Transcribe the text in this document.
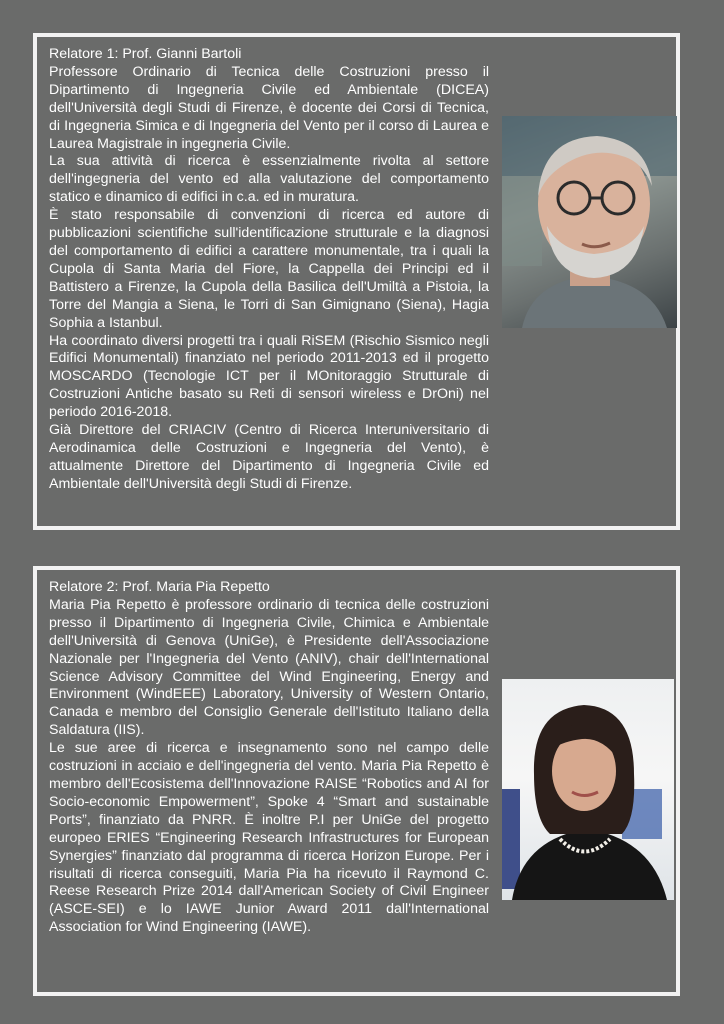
Relatore 1: Prof. Gianni Bartoli

Professore Ordinario di Tecnica delle Costruzioni presso il Dipartimento di Ingegneria Civile ed Ambientale (DICEA) dell'Università degli Studi di Firenze, è docente dei Corsi di Tecnica, di Ingegneria Simica e di Ingegneria del Vento per il corso di Laurea e Laurea Magistrale in ingegneria Civile.

La sua attività di ricerca è essenzialmente rivolta al settore dell'ingegneria del vento ed alla valutazione del comportamento statico e dinamico di edifici in c.a. ed in muratura.

È stato responsabile di convenzioni di ricerca ed autore di pubblicazioni scientifiche sull'identificazione strutturale e la diagnosi del comportamento di edifici a carattere monumentale, tra i quali la Cupola di Santa Maria del Fiore, la Cappella dei Principi ed il Battistero a Firenze, la Cupola della Basilica dell'Umiltà a Pistoia, la Torre del Mangia a Siena, le Torri di San Gimignano (Siena), Hagia Sophia a Istanbul.

Ha coordinato diversi progetti tra i quali RiSEM (Rischio Sismico negli Edifici Monumentali) finanziato nel periodo 2011-2013 ed il progetto MOSCARDO (Tecnologie ICT per il MOnitoraggio Strutturale di Costruzioni Antiche basato su Reti di sensori wireless e DrOni) nel periodo 2016-2018.

Già Direttore del CRIACIV (Centro di Ricerca Interuniversitario di Aerodinamica delle Costruzioni e Ingegneria del Vento), è attualmente Direttore del Dipartimento di Ingegneria Civile ed Ambientale dell'Università degli Studi di Firenze.

Relatore 2: Prof. Maria Pia Repetto

Maria Pia Repetto è professore ordinario di tecnica delle costruzioni presso il Dipartimento di Ingegneria Civile, Chimica e Ambientale dell'Università di Genova (UniGe), è Presidente dell'Associazione Nazionale per l'Ingegneria del Vento (ANIV), chair dell'International Science Advisory Committee del Wind Engineering, Energy and Environment (WindEEE) Laboratory, University of Western Ontario, Canada e membro del Consiglio Generale dell'Istituto Italiano della Saldatura (IIS).

Le sue aree di ricerca e insegnamento sono nel campo delle costruzioni in acciaio e dell'ingegneria del vento. Maria Pia Repetto è membro dell'Ecosistema dell'Innovazione RAISE “Robotics and AI for Socio-economic Empowerment”, Spoke 4 “Smart and sustainable Ports”, finanziato da PNRR. È inoltre P.I per UniGe del progetto europeo ERIES “Engineering Research Infrastructures for European Synergies” finanziato dal programma di ricerca Horizon Europe. Per i risultati di ricerca conseguiti, Maria Pia ha ricevuto il Raymond C. Reese Research Prize 2014 dall'American Society of Civil Engineer (ASCE-SEI) e lo IAWE Junior Award 2011 dall'International Association for Wind Engineering (IAWE).
